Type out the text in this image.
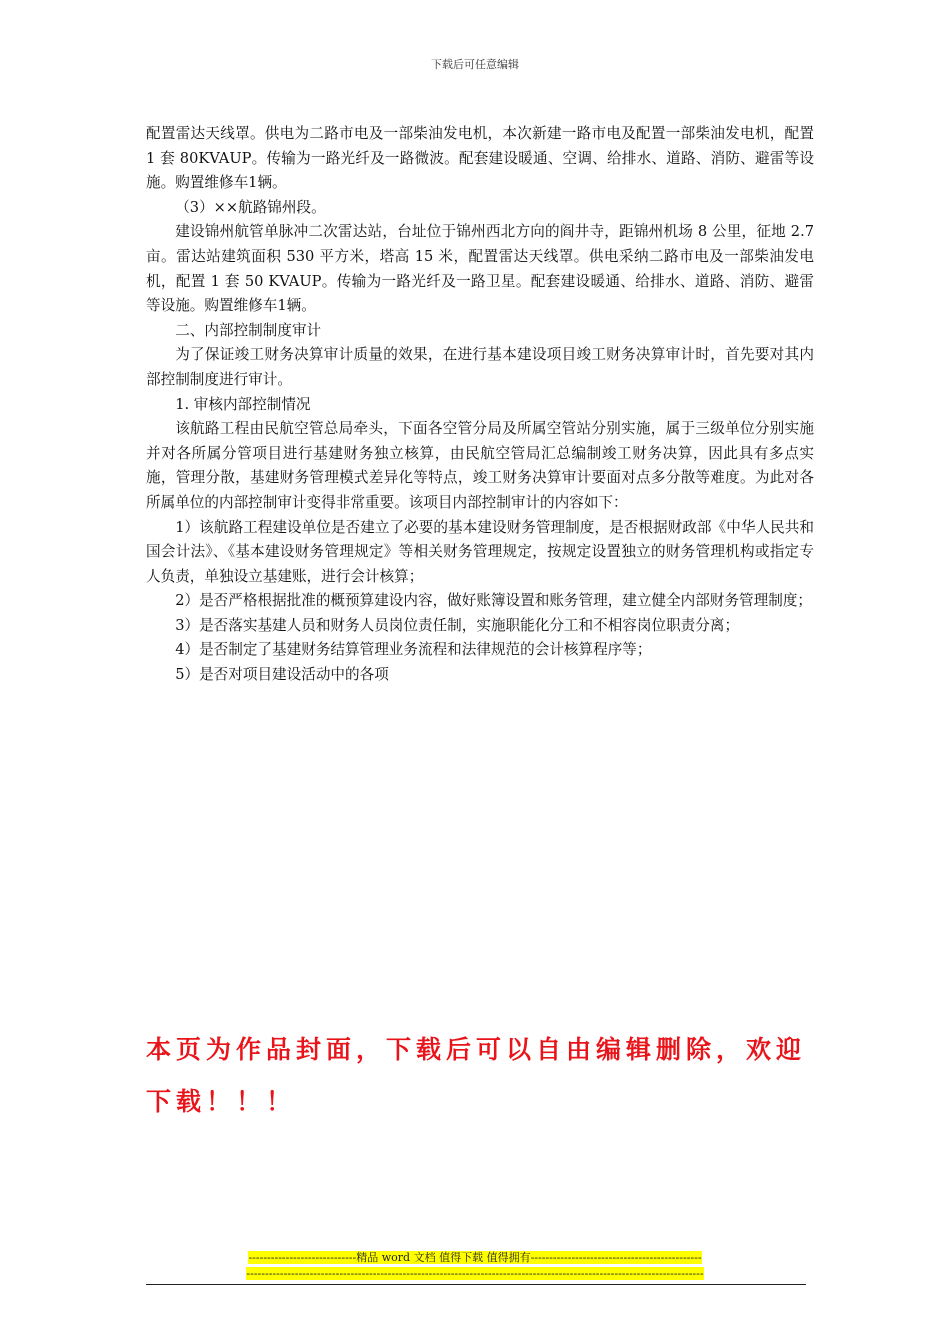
下载后可任意编辑

配置雷达天线罩。供电为二路市电及一部柴油发电机，本次新建一路市电及配置一部柴油发电机，配置 1 套 80KVAUP。传输为一路光纤及一路微波。配套建设暖通、空调、给排水、道路、消防、避雷等设施。购置维修车1辆。

（3）××航路锦州段。

建设锦州航管单脉冲二次雷达站，台址位于锦州西北方向的阎井寺，距锦州机场 8 公里，征地 2.7 亩。雷达站建筑面积 530 平方米，塔高 15 米，配置雷达天线罩。供电采纳二路市电及一部柴油发电机，配置 1 套 50 KVAUP。传输为一路光纤及一路卫星。配套建设暖通、给排水、道路、消防、避雷等设施。购置维修车1辆。

二、内部控制制度审计

为了保证竣工财务决算审计质量的效果，在进行基本建设项目竣工财务决算审计时，首先要对其内部控制制度进行审计。

1. 审核内部控制情况

该航路工程由民航空管总局牵头，下面各空管分局及所属空管站分别实施，属于三级单位分别实施并对各所属分管项目进行基建财务独立核算，由民航空管局汇总编制竣工财务决算，因此具有多点实施，管理分散，基建财务管理模式差异化等特点，竣工财务决算审计要面对点多分散等难度。为此对各所属单位的内部控制审计变得非常重要。该项目内部控制审计的内容如下：

1）该航路工程建设单位是否建立了必要的基本建设财务管理制度，是否根据财政部《中华人民共和国会计法》、《基本建设财务管理规定》等相关财务管理规定，按规定设置独立的财务管理机构或指定专人负责，单独设立基建账，进行会计核算；

2）是否严格根据批准的概预算建设内容，做好账簿设置和账务管理，建立健全内部财务管理制度；

3）是否落实基建人员和财务人员岗位责任制，实施职能化分工和不相容岗位职责分离；

4）是否制定了基建财务结算管理业务流程和法律规范的会计核算程序等；

5）是否对项目建设活动中的各项

本页为作品封面，下载后可以自由编辑删除，欢迎下载！！！
-----------------------------精品 word 文档 值得下载 值得拥有----------------------------------------------
---------------------------------------------------------------------------------------------------------------------------
